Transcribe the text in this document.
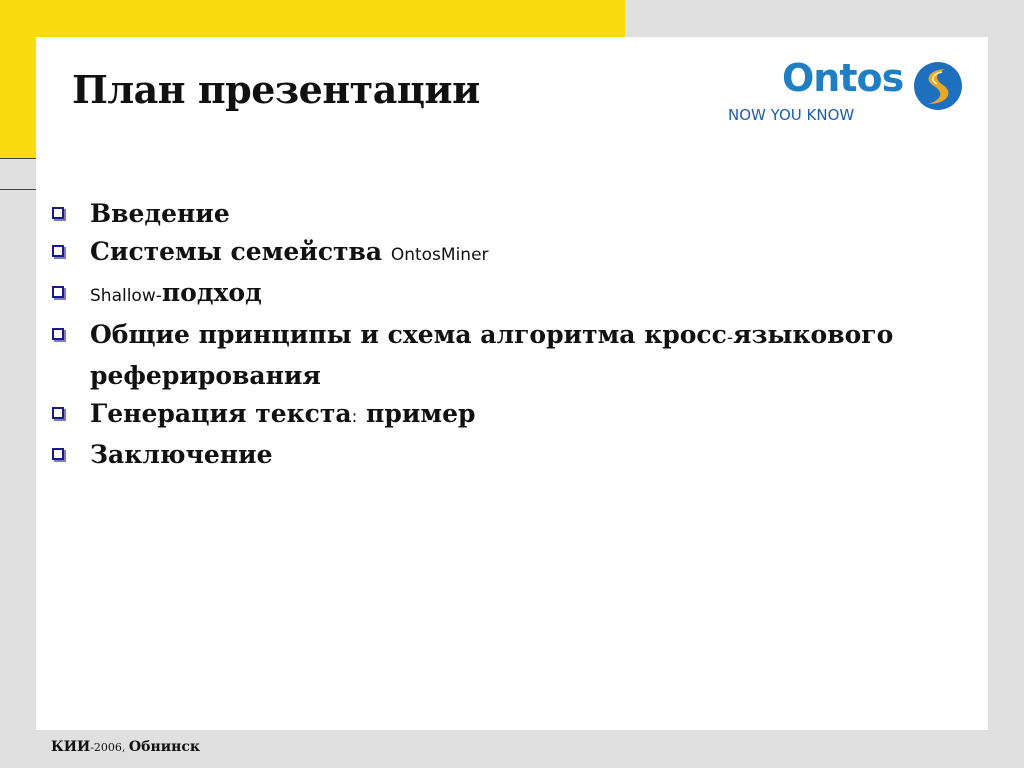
План презентации	Ontos
NOW YOU KNOW
Введение
Системы семейства OntosMiner
Shallow-подход
Общие принципы и схема алгоритма кросс-языкового реферирования
Генерация текста: пример
Заключение
КИИ-2006, Обнинск
